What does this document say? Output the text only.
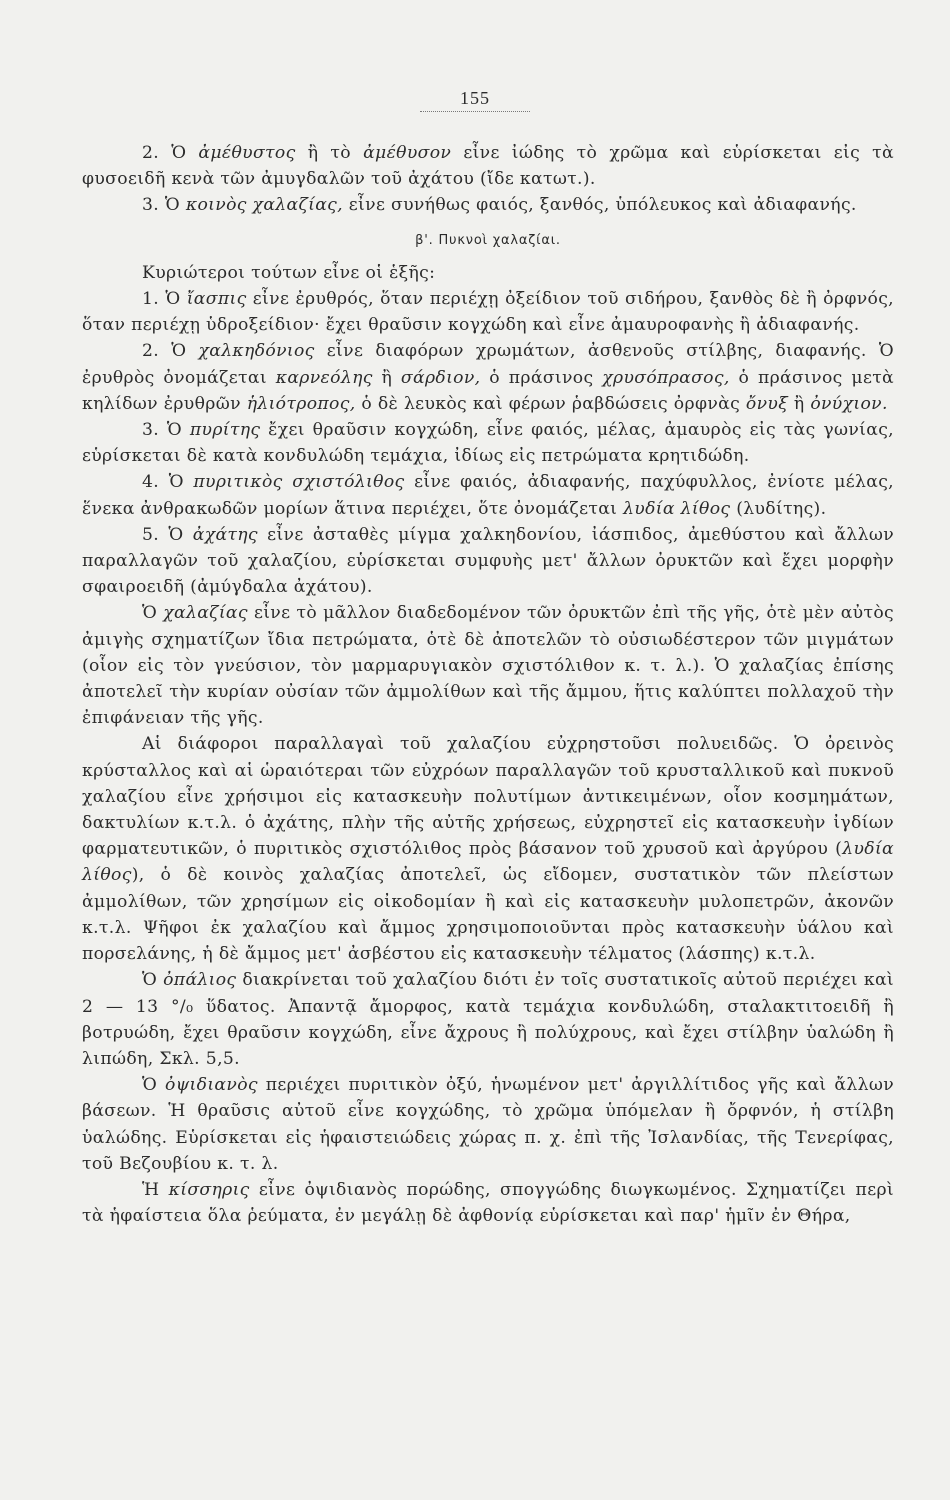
155

2. Ὁ ἀμέθυστος ἢ τὸ ἀμέθυσον εἶνε ἰώδης τὸ χρῶμα καὶ εὑρίσκεται εἰς τὰ φυσοειδῆ κενὰ τῶν ἀμυγδαλῶν τοῦ ἀχάτου (ἴδε κατωτ.).

3. Ὁ κοινὸς χαλαζίας, εἶνε συνήθως φαιός, ξανθός, ὑπόλευκος καὶ ἀδιαφανής.

β'. Πυκνοὶ χαλαζίαι.

Κυριώτεροι τούτων εἶνε οἱ ἑξῆς:

1. Ὁ ἴασπις εἶνε ἐρυθρός, ὅταν περιέχῃ ὀξείδιον τοῦ σιδήρου, ξανθὸς δὲ ἢ ὀρφνός, ὅταν περιέχῃ ὑδροξείδιον· ἔχει θραῦσιν κογχώδη καὶ εἶνε ἀμαυροφανὴς ἢ ἀδιαφανής.

2. Ὁ χαλκηδόνιος εἶνε διαφόρων χρωμάτων, ἀσθενοῦς στίλβης, διαφανής. Ὁ ἐρυθρὸς ὀνομάζεται καρνεόλης ἢ σάρδιον, ὁ πράσινος χρυσόπρασος, ὁ πράσινος μετὰ κηλίδων ἐρυθρῶν ἡλιότροπος, ὁ δὲ λευκὸς καὶ φέρων ῥαβδώσεις ὀρφνὰς ὄνυξ ἢ ὀνύχιον.

3. Ὁ πυρίτης ἔχει θραῦσιν κογχώδη, εἶνε φαιός, μέλας, ἀμαυρὸς εἰς τὰς γωνίας, εὑρίσκεται δὲ κατὰ κονδυλώδη τεμάχια, ἰδίως εἰς πετρώματα κρητιδώδη.

4. Ὁ πυριτικὸς σχιστόλιθος εἶνε φαιός, ἀδιαφανής, παχύφυλλος, ἐνίοτε μέλας, ἕνεκα ἀνθρακωδῶν μορίων ἅτινα περιέχει, ὅτε ὀνομάζεται λυδία λίθος (λυδίτης).

5. Ὁ ἀχάτης εἶνε ἀσταθὲς μίγμα χαλκηδονίου, ἰάσπιδος, ἀμεθύστου καὶ ἄλλων παραλλαγῶν τοῦ χαλαζίου, εὑρίσκεται συμφυὴς μετ' ἄλλων ὀρυκτῶν καὶ ἔχει μορφὴν σφαιροειδῆ (ἀμύγδαλα ἀχάτου).

Ὁ χαλαζίας εἶνε τὸ μᾶλλον διαδεδομένον τῶν ὀρυκτῶν ἐπὶ τῆς γῆς, ὁτὲ μὲν αὐτὸς ἀμιγὴς σχηματίζων ἴδια πετρώματα, ὁτὲ δὲ ἀποτελῶν τὸ οὐσιωδέστερον τῶν μιγμάτων (οἷον εἰς τὸν γνεύσιον, τὸν μαρμαρυγιακὸν σχιστόλιθον κ. τ. λ.). Ὁ χαλαζίας ἐπίσης ἀποτελεῖ τὴν κυρίαν οὐσίαν τῶν ἀμμολίθων καὶ τῆς ἄμμου, ἥτις καλύπτει πολλαχοῦ τὴν ἐπιφάνειαν τῆς γῆς.

Αἱ διάφοροι παραλλαγαὶ τοῦ χαλαζίου εὐχρηστοῦσι πολυειδῶς. Ὁ ὀρεινὸς κρύσταλλος καὶ αἱ ὡραιότεραι τῶν εὐχρόων παραλλαγῶν τοῦ κρυσταλλικοῦ καὶ πυκνοῦ χαλαζίου εἶνε χρήσιμοι εἰς κατασκευὴν πολυτίμων ἀντικειμένων, οἷον κοσμημάτων, δακτυλίων κ.τ.λ. ὁ ἀχάτης, πλὴν τῆς αὐτῆς χρήσεως, εὐχρηστεῖ εἰς κατασκευὴν ἰγδίων φαρματευτικῶν, ὁ πυριτικὸς σχιστόλιθος πρὸς βάσανον τοῦ χρυσοῦ καὶ ἀργύρου (λυδία λίθος), ὁ δὲ κοινὸς χαλαζίας ἀποτελεῖ, ὡς εἴδομεν, συστατικὸν τῶν πλείστων ἀμμολίθων, τῶν χρησίμων εἰς οἰκοδομίαν ἢ καὶ εἰς κατασκευὴν μυλοπετρῶν, ἀκονῶν κ.τ.λ. Ψῆφοι ἐκ χαλαζίου καὶ ἄμμος χρησιμοποιοῦνται πρὸς κατασκευὴν ὑάλου καὶ πορσελάνης, ἡ δὲ ἄμμος μετ' ἀσβέστου εἰς κατασκευὴν τέλματος (λάσπης) κ.τ.λ.

Ὁ ὀπάλιος διακρίνεται τοῦ χαλαζίου διότι ἐν τοῖς συστατικοῖς αὐτοῦ περιέχει καὶ 2 — 13 °/₀ ὕδατος. Ἀπαντᾷ ἄμορφος, κατὰ τεμάχια κονδυλώδη, σταλακτιτοειδῆ ἢ βοτρυώδη, ἔχει θραῦσιν κογχώδη, εἶνε ἄχρους ἢ πολύχρους, καὶ ἔχει στίλβην ὑαλώδη ἢ λιπώδη, Σκλ. 5,5.

Ὁ ὀψιδιανὸς περιέχει πυριτικὸν ὀξύ, ἡνωμένον μετ' ἀργιλλίτιδος γῆς καὶ ἄλλων βάσεων. Ἡ θραῦσις αὐτοῦ εἶνε κογχώδης, τὸ χρῶμα ὑπόμελαν ἢ ὄρφνόν, ἡ στίλβη ὑαλώδης. Εὑρίσκεται εἰς ἡφαιστειώδεις χώρας π. χ. ἐπὶ τῆς Ἰσλανδίας, τῆς Τενερίφας, τοῦ Βεζουβίου κ. τ. λ.

Ἡ κίσσηρις εἶνε ὀψιδιανὸς πορώδης, σπογγώδης διωγκωμένος. Σχηματίζει περὶ τὰ ἡφαίστεια ὅλα ῥεύματα, ἐν μεγάλῃ δὲ ἀφθονίᾳ εὑρίσκεται καὶ παρ' ἡμῖν ἐν Θήρα,
